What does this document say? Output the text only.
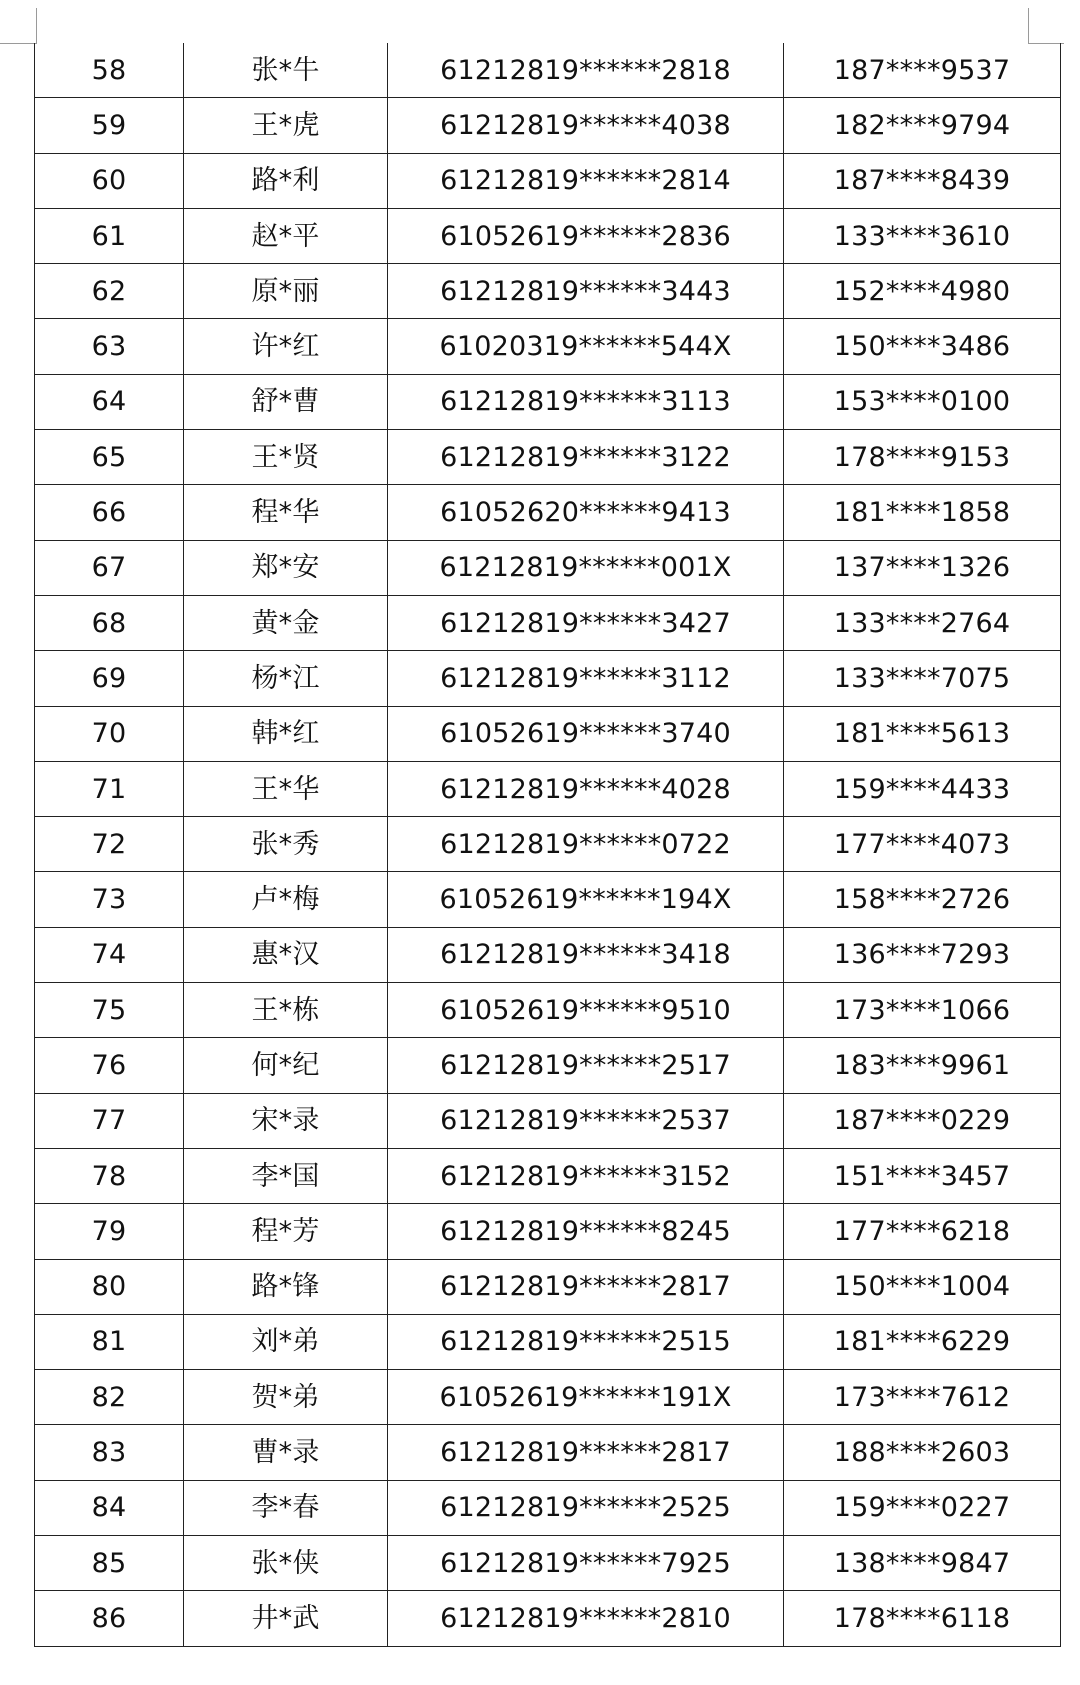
58	张*牛	61212819******2818	187****9537
59	王*虎	61212819******4038	182****9794
60	路*利	61212819******2814	187****8439
61	赵*平	61052619******2836	133****3610
62	原*丽	61212819******3443	152****4980
63	许*红	61020319******544X	150****3486
64	舒*曹	61212819******3113	153****0100
65	王*贤	61212819******3122	178****9153
66	程*华	61052620******9413	181****1858
67	郑*安	61212819******001X	137****1326
68	黄*金	61212819******3427	133****2764
69	杨*江	61212819******3112	133****7075
70	韩*红	61052619******3740	181****5613
71	王*华	61212819******4028	159****4433
72	张*秀	61212819******0722	177****4073
73	卢*梅	61052619******194X	158****2726
74	惠*汉	61212819******3418	136****7293
75	王*栋	61052619******9510	173****1066
76	何*纪	61212819******2517	183****9961
77	宋*录	61212819******2537	187****0229
78	李*国	61212819******3152	151****3457
79	程*芳	61212819******8245	177****6218
80	路*锋	61212819******2817	150****1004
81	刘*弟	61212819******2515	181****6229
82	贺*弟	61052619******191X	173****7612
83	曹*录	61212819******2817	188****2603
84	李*春	61212819******2525	159****0227
85	张*侠	61212819******7925	138****9847
86	井*武	61212819******2810	178****6118
